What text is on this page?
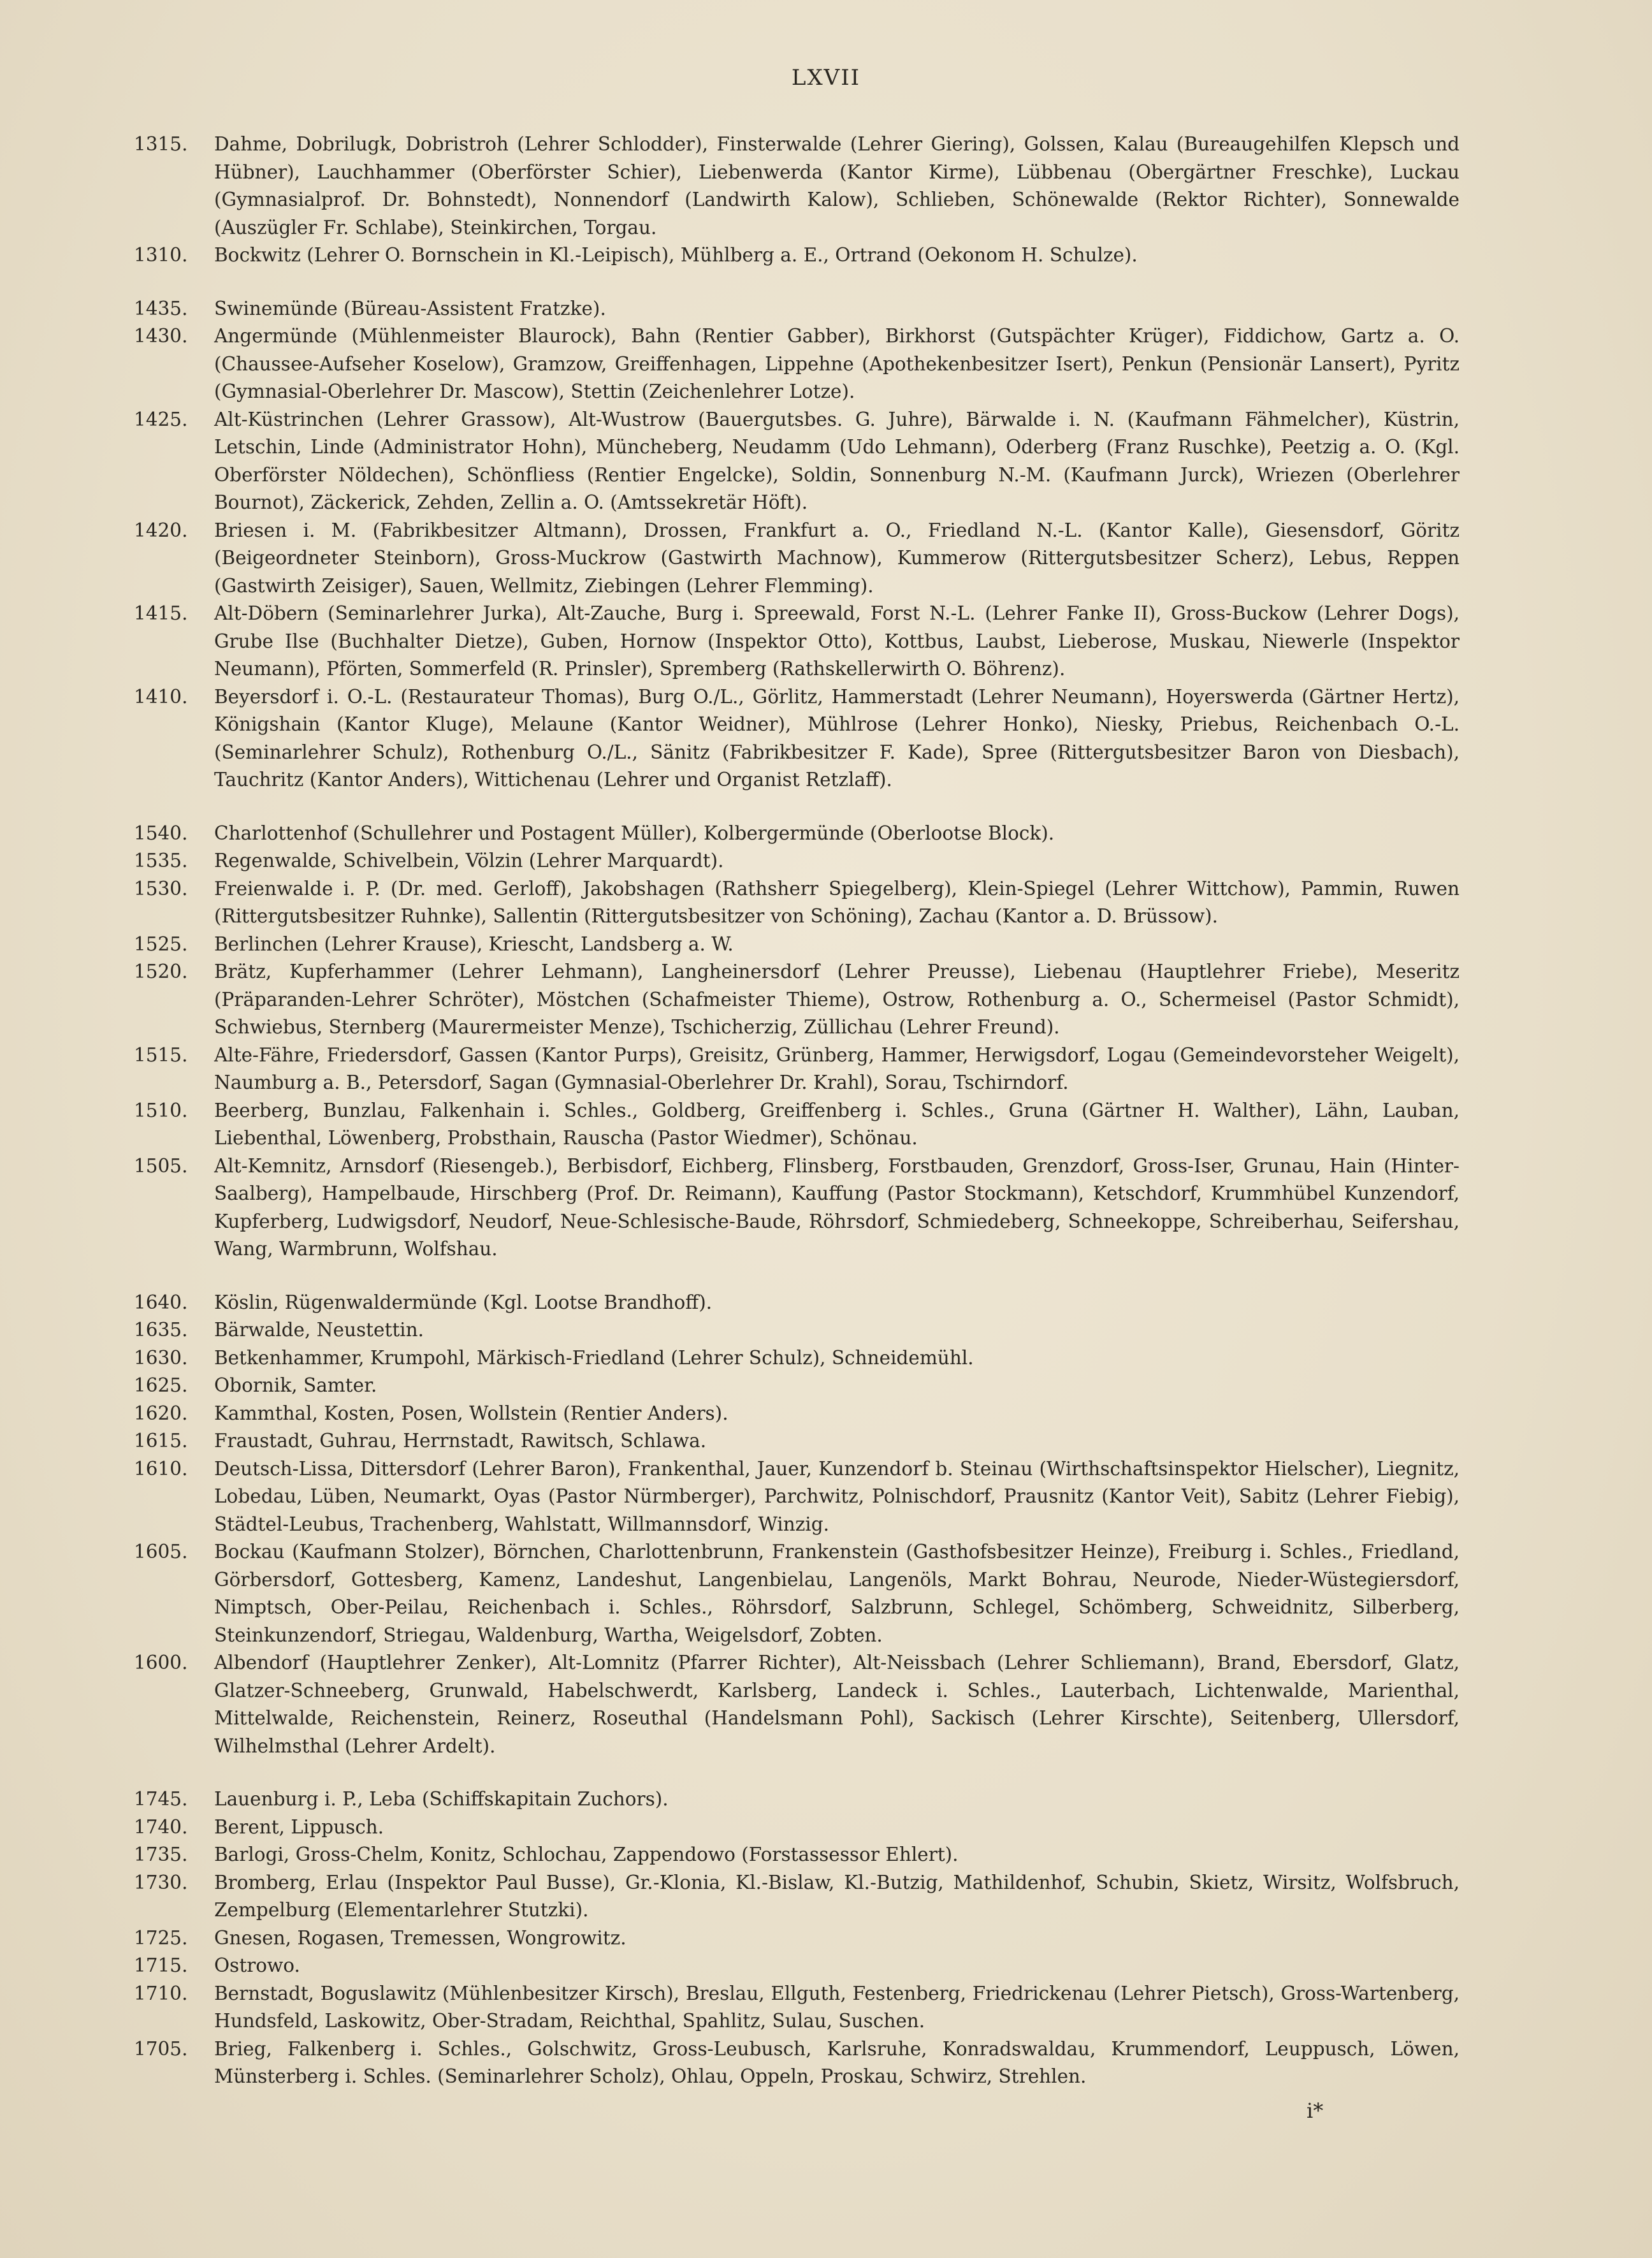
LXVII

1315.	Dahme, Dobrilugk, Dobristroh (Lehrer Schlodder), Finsterwalde (Lehrer Giering), Golssen, Kalau (Bureaugehilfen Klepsch und Hübner), Lauchhammer (Oberförster Schier), Liebenwerda (Kantor Kirme), Lübbenau (Obergärtner Freschke), Luckau (Gymnasialprof. Dr. Bohnstedt), Nonnendorf (Landwirth Kalow), Schlieben, Schönewalde (Rektor Richter), Sonnewalde (Auszügler Fr. Schlabe), Steinkirchen, Torgau.

1310.	Bockwitz (Lehrer O. Bornschein in Kl.-Leipisch), Mühlberg a. E., Ortrand (Oekonom H. Schulze).

1435.	Swinemünde (Büreau-Assistent Fratzke).

1430.	Angermünde (Mühlenmeister Blaurock), Bahn (Rentier Gabber), Birkhorst (Gutspächter Krüger), Fiddichow, Gartz a. O. (Chaussee-Aufseher Koselow), Gramzow, Greiffenhagen, Lippehne (Apothekenbesitzer Isert), Penkun (Pensionär Lansert), Pyritz (Gymnasial-Oberlehrer Dr. Mascow), Stettin (Zeichenlehrer Lotze).

1425.	Alt-Küstrinchen (Lehrer Grassow), Alt-Wustrow (Bauergutsbes. G. Juhre), Bärwalde i. N. (Kaufmann Fähmelcher), Küstrin, Letschin, Linde (Administrator Hohn), Müncheberg, Neudamm (Udo Lehmann), Oderberg (Franz Ruschke), Peetzig a. O. (Kgl. Oberförster Nöldechen), Schönfliess (Rentier Engelcke), Soldin, Sonnenburg N.-M. (Kaufmann Jurck), Wriezen (Oberlehrer Bournot), Zäckerick, Zehden, Zellin a. O. (Amtssekretär Höft).

1420.	Briesen i. M. (Fabrikbesitzer Altmann), Drossen, Frankfurt a. O., Friedland N.-L. (Kantor Kalle), Giesensdorf, Göritz (Beigeordneter Steinborn), Gross-Muckrow (Gastwirth Machnow), Kummerow (Rittergutsbesitzer Scherz), Lebus, Reppen (Gastwirth Zeisiger), Sauen, Wellmitz, Ziebingen (Lehrer Flemming).

1415.	Alt-Döbern (Seminarlehrer Jurka), Alt-Zauche, Burg i. Spreewald, Forst N.-L. (Lehrer Fanke II), Gross-Buckow (Lehrer Dogs), Grube Ilse (Buchhalter Dietze), Guben, Hornow (Inspektor Otto), Kottbus, Laubst, Lieberose, Muskau, Niewerle (Inspektor Neumann), Pförten, Sommerfeld (R. Prinsler), Spremberg (Rathskellerwirth O. Böhrenz).

1410.	Beyersdorf i. O.-L. (Restaurateur Thomas), Burg O./L., Görlitz, Hammerstadt (Lehrer Neumann), Hoyerswerda (Gärtner Hertz), Königshain (Kantor Kluge), Melaune (Kantor Weidner), Mühlrose (Lehrer Honko), Niesky, Priebus, Reichenbach O.-L. (Seminarlehrer Schulz), Rothenburg O./L., Sänitz (Fabrikbesitzer F. Kade), Spree (Rittergutsbesitzer Baron von Diesbach), Tauchritz (Kantor Anders), Wittichenau (Lehrer und Organist Retzlaff).

1540.	Charlottenhof (Schullehrer und Postagent Müller), Kolbergermünde (Oberlootse Block).

1535.	Regenwalde, Schivelbein, Völzin (Lehrer Marquardt).

1530.	Freienwalde i. P. (Dr. med. Gerloff), Jakobshagen (Rathsherr Spiegelberg), Klein-Spiegel (Lehrer Wittchow), Pammin, Ruwen (Rittergutsbesitzer Ruhnke), Sallentin (Rittergutsbesitzer von Schöning), Zachau (Kantor a. D. Brüssow).

1525.	Berlinchen (Lehrer Krause), Kriescht, Landsberg a. W.

1520.	Brätz, Kupferhammer (Lehrer Lehmann), Langheinersdorf (Lehrer Preusse), Liebenau (Hauptlehrer Friebe), Meseritz (Präparanden-Lehrer Schröter), Möstchen (Schafmeister Thieme), Ostrow, Rothenburg a. O., Schermeisel (Pastor Schmidt), Schwiebus, Sternberg (Maurermeister Menze), Tschicherzig, Züllichau (Lehrer Freund).

1515.	Alte-Fähre, Friedersdorf, Gassen (Kantor Purps), Greisitz, Grünberg, Hammer, Herwigsdorf, Logau (Gemeindevorsteher Weigelt), Naumburg a. B., Petersdorf, Sagan (Gymnasial-Oberlehrer Dr. Krahl), Sorau, Tschirndorf.

1510.	Beerberg, Bunzlau, Falkenhain i. Schles., Goldberg, Greiffenberg i. Schles., Gruna (Gärtner H. Walther), Lähn, Lauban, Liebenthal, Löwenberg, Probsthain, Rauscha (Pastor Wiedmer), Schönau.

1505.	Alt-Kemnitz, Arnsdorf (Riesengeb.), Berbisdorf, Eichberg, Flinsberg, Forstbauden, Grenzdorf, Gross-Iser, Grunau, Hain (Hinter-Saalberg), Hampelbaude, Hirschberg (Prof. Dr. Reimann), Kauffung (Pastor Stockmann), Ketschdorf, Krummhübel Kunzendorf, Kupferberg, Ludwigsdorf, Neudorf, Neue-Schlesische-Baude, Röhrsdorf, Schmiedeberg, Schneekoppe, Schreiberhau, Seifershau, Wang, Warmbrunn, Wolfshau.

1640.	Köslin, Rügenwaldermünde (Kgl. Lootse Brandhoff).

1635.	Bärwalde, Neustettin.

1630.	Betkenhammer, Krumpohl, Märkisch-Friedland (Lehrer Schulz), Schneidemühl.

1625.	Obornik, Samter.

1620.	Kammthal, Kosten, Posen, Wollstein (Rentier Anders).

1615.	Fraustadt, Guhrau, Herrnstadt, Rawitsch, Schlawa.

1610.	Deutsch-Lissa, Dittersdorf (Lehrer Baron), Frankenthal, Jauer, Kunzendorf b. Steinau (Wirthschaftsinspektor Hielscher), Liegnitz, Lobedau, Lüben, Neumarkt, Oyas (Pastor Nürmberger), Parchwitz, Polnischdorf, Prausnitz (Kantor Veit), Sabitz (Lehrer Fiebig), Städtel-Leubus, Trachenberg, Wahlstatt, Willmannsdorf, Winzig.

1605.	Bockau (Kaufmann Stolzer), Börnchen, Charlottenbrunn, Frankenstein (Gasthofsbesitzer Heinze), Freiburg i. Schles., Friedland, Görbersdorf, Gottesberg, Kamenz, Landeshut, Langenbielau, Langenöls, Markt Bohrau, Neurode, Nieder-Wüstegiersdorf, Nimptsch, Ober-Peilau, Reichenbach i. Schles., Röhrsdorf, Salzbrunn, Schlegel, Schömberg, Schweidnitz, Silberberg, Steinkunzendorf, Striegau, Waldenburg, Wartha, Weigelsdorf, Zobten.

1600.	Albendorf (Hauptlehrer Zenker), Alt-Lomnitz (Pfarrer Richter), Alt-Neissbach (Lehrer Schliemann), Brand, Ebersdorf, Glatz, Glatzer-Schneeberg, Grunwald, Habelschwerdt, Karlsberg, Landeck i. Schles., Lauterbach, Lichtenwalde, Marienthal, Mittelwalde, Reichenstein, Reinerz, Roseuthal (Handelsmann Pohl), Sackisch (Lehrer Kirschte), Seitenberg, Ullersdorf, Wilhelmsthal (Lehrer Ardelt).

1745.	Lauenburg i. P., Leba (Schiffskapitain Zuchors).

1740.	Berent, Lippusch.

1735.	Barlogi, Gross-Chelm, Konitz, Schlochau, Zappendowo (Forstassessor Ehlert).

1730.	Bromberg, Erlau (Inspektor Paul Busse), Gr.-Klonia, Kl.-Bislaw, Kl.-Butzig, Mathildenhof, Schubin, Skietz, Wirsitz, Wolfsbruch, Zempelburg (Elementarlehrer Stutzki).

1725.	Gnesen, Rogasen, Tremessen, Wongrowitz.

1715.	Ostrowo.

1710.	Bernstadt, Boguslawitz (Mühlenbesitzer Kirsch), Breslau, Ellguth, Festenberg, Friedrickenau (Lehrer Pietsch), Gross-Wartenberg, Hundsfeld, Laskowitz, Ober-Stradam, Reichthal, Spahlitz, Sulau, Suschen.

1705.	Brieg, Falkenberg i. Schles., Golschwitz, Gross-Leubusch, Karlsruhe, Konradswaldau, Krummendorf, Leuppusch, Löwen, Münsterberg i. Schles. (Seminarlehrer Scholz), Ohlau, Oppeln, Proskau, Schwirz, Strehlen.

i*
